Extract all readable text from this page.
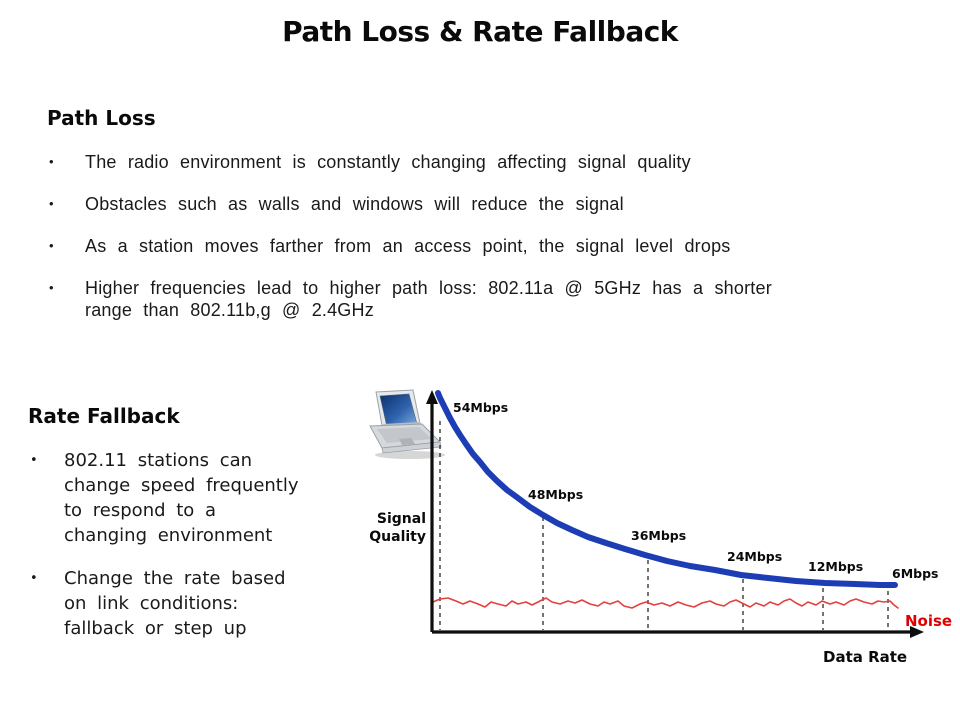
Path Loss & Rate Fallback
Path Loss
•	The radio environment is constantly changing affecting signal quality
•	Obstacles such as walls and windows will reduce the signal
•	As a station moves farther from an access point, the signal level drops
•	Higher frequencies lead to higher path loss: 802.11a @ 5GHz has a shorter
range than 802.11b,g @ 2.4GHz
Rate Fallback
•	802.11 stations can
change speed frequently
to respond to a
changing environment
•	Change the rate based
on link conditions:
fallback or step up
54Mbps
48Mbps
36Mbps
24Mbps
12Mbps 6Mbps
Noise
Signal
Quality
Data Rate
